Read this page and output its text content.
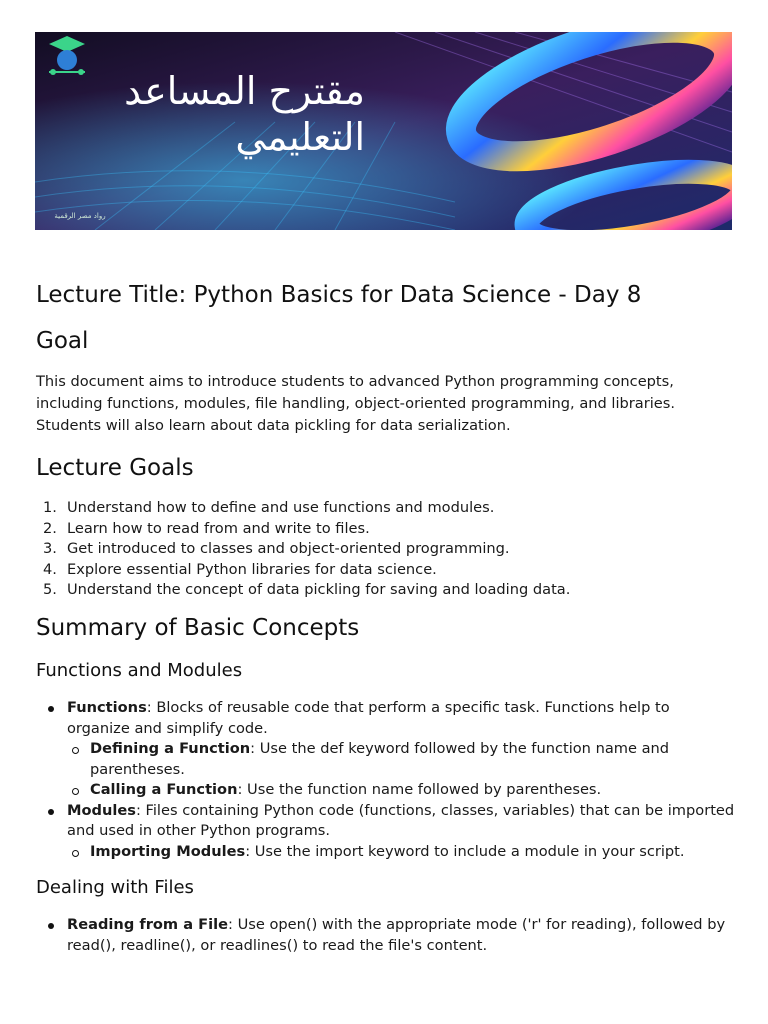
مقترح المساعد
التعليمي
رواد مصر الرقمية
Lecture Title: Python Basics for Data Science - Day 8
Goal

This document aims to introduce students to advanced Python programming concepts, including functions, modules, file handling, object-oriented programming, and libraries. Students will also learn about data pickling for data serialization.

Lecture Goals
1. Understand how to define and use functions and modules.
2. Learn how to read from and write to files.
3. Get introduced to classes and object-oriented programming.
4. Explore essential Python libraries for data science.
5. Understand the concept of data pickling for saving and loading data.
Summary of Basic Concepts
Functions and Modules
Functions: Blocks of reusable code that perform a specific task. Functions help to organize and simplify code.
Defining a Function: Use the def keyword followed by the function name and parentheses.
Calling a Function: Use the function name followed by parentheses.
Modules: Files containing Python code (functions, classes, variables) that can be imported and used in other Python programs.
Importing Modules: Use the import keyword to include a module in your script.
Dealing with Files
Reading from a File: Use open() with the appropriate mode ('r' for reading), followed by read(), readline(), or readlines() to read the file's content.
